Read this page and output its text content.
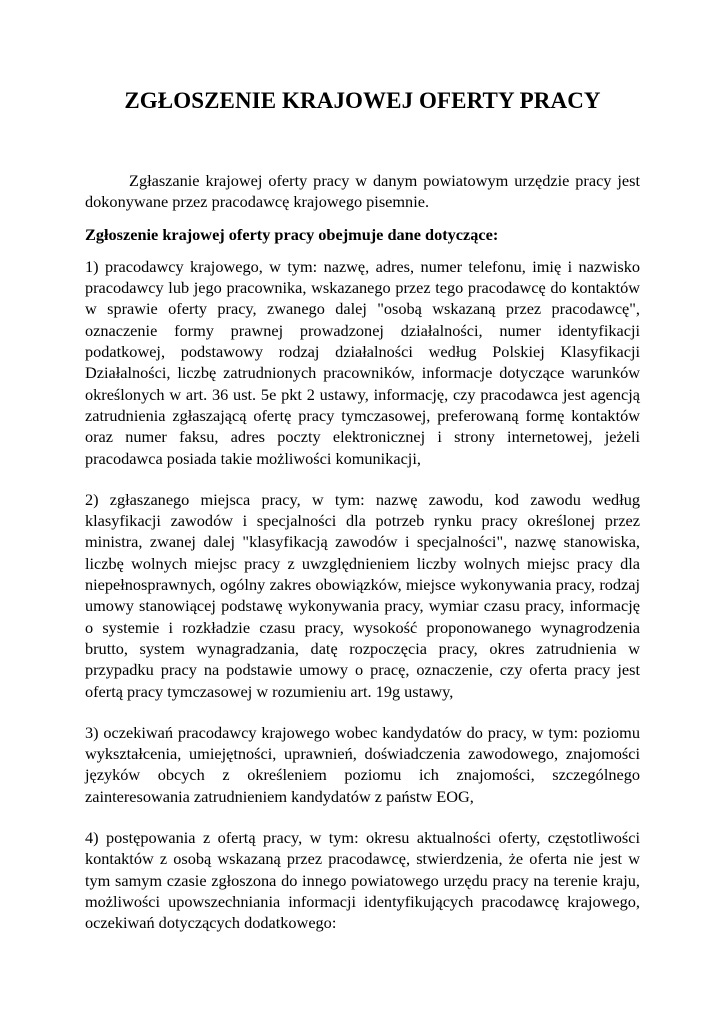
ZGŁOSZENIE KRAJOWEJ OFERTY PRACY

Zgłaszanie krajowej oferty pracy w danym powiatowym urzędzie pracy jest dokonywane przez pracodawcę krajowego pisemnie.

Zgłoszenie krajowej oferty pracy obejmuje dane dotyczące:

1) pracodawcy krajowego, w tym: nazwę, adres, numer telefonu, imię i nazwisko pracodawcy lub jego pracownika, wskazanego przez tego pracodawcę do kontaktów w sprawie oferty pracy, zwanego dalej "osobą wskazaną przez pracodawcę", oznaczenie formy prawnej prowadzonej działalności, numer identyfikacji podatkowej, podstawowy rodzaj działalności według Polskiej Klasyfikacji Działalności, liczbę zatrudnionych pracowników, informacje dotyczące warunków określonych w art. 36 ust. 5e pkt 2 ustawy, informację, czy pracodawca jest agencją zatrudnienia zgłaszającą ofertę pracy tymczasowej, preferowaną formę kontaktów oraz numer faksu, adres poczty elektronicznej i strony internetowej, jeżeli pracodawca posiada takie możliwości komunikacji,

2) zgłaszanego miejsca pracy, w tym: nazwę zawodu, kod zawodu według klasyfikacji zawodów i specjalności dla potrzeb rynku pracy określonej przez ministra, zwanej dalej "klasyfikacją zawodów i specjalności", nazwę stanowiska, liczbę wolnych miejsc pracy z uwzględnieniem liczby wolnych miejsc pracy dla niepełnosprawnych, ogólny zakres obowiązków, miejsce wykonywania pracy, rodzaj umowy stanowiącej podstawę wykonywania pracy, wymiar czasu pracy, informację o systemie i rozkładzie czasu pracy, wysokość proponowanego wynagrodzenia brutto, system wynagradzania, datę rozpoczęcia pracy, okres zatrudnienia w przypadku pracy na podstawie umowy o pracę, oznaczenie, czy oferta pracy jest ofertą pracy tymczasowej w rozumieniu art. 19g ustawy,

3) oczekiwań pracodawcy krajowego wobec kandydatów do pracy, w tym: poziomu wykształcenia, umiejętności, uprawnień, doświadczenia zawodowego, znajomości języków obcych z określeniem poziomu ich znajomości, szczególnego zainteresowania zatrudnieniem kandydatów z państw EOG,

4) postępowania z ofertą pracy, w tym: okresu aktualności oferty, częstotliwości kontaktów z osobą wskazaną przez pracodawcę, stwierdzenia, że oferta nie jest w tym samym czasie zgłoszona do innego powiatowego urzędu pracy na terenie kraju, możliwości upowszechniania informacji identyfikujących pracodawcę krajowego, oczekiwań dotyczących dodatkowego:
